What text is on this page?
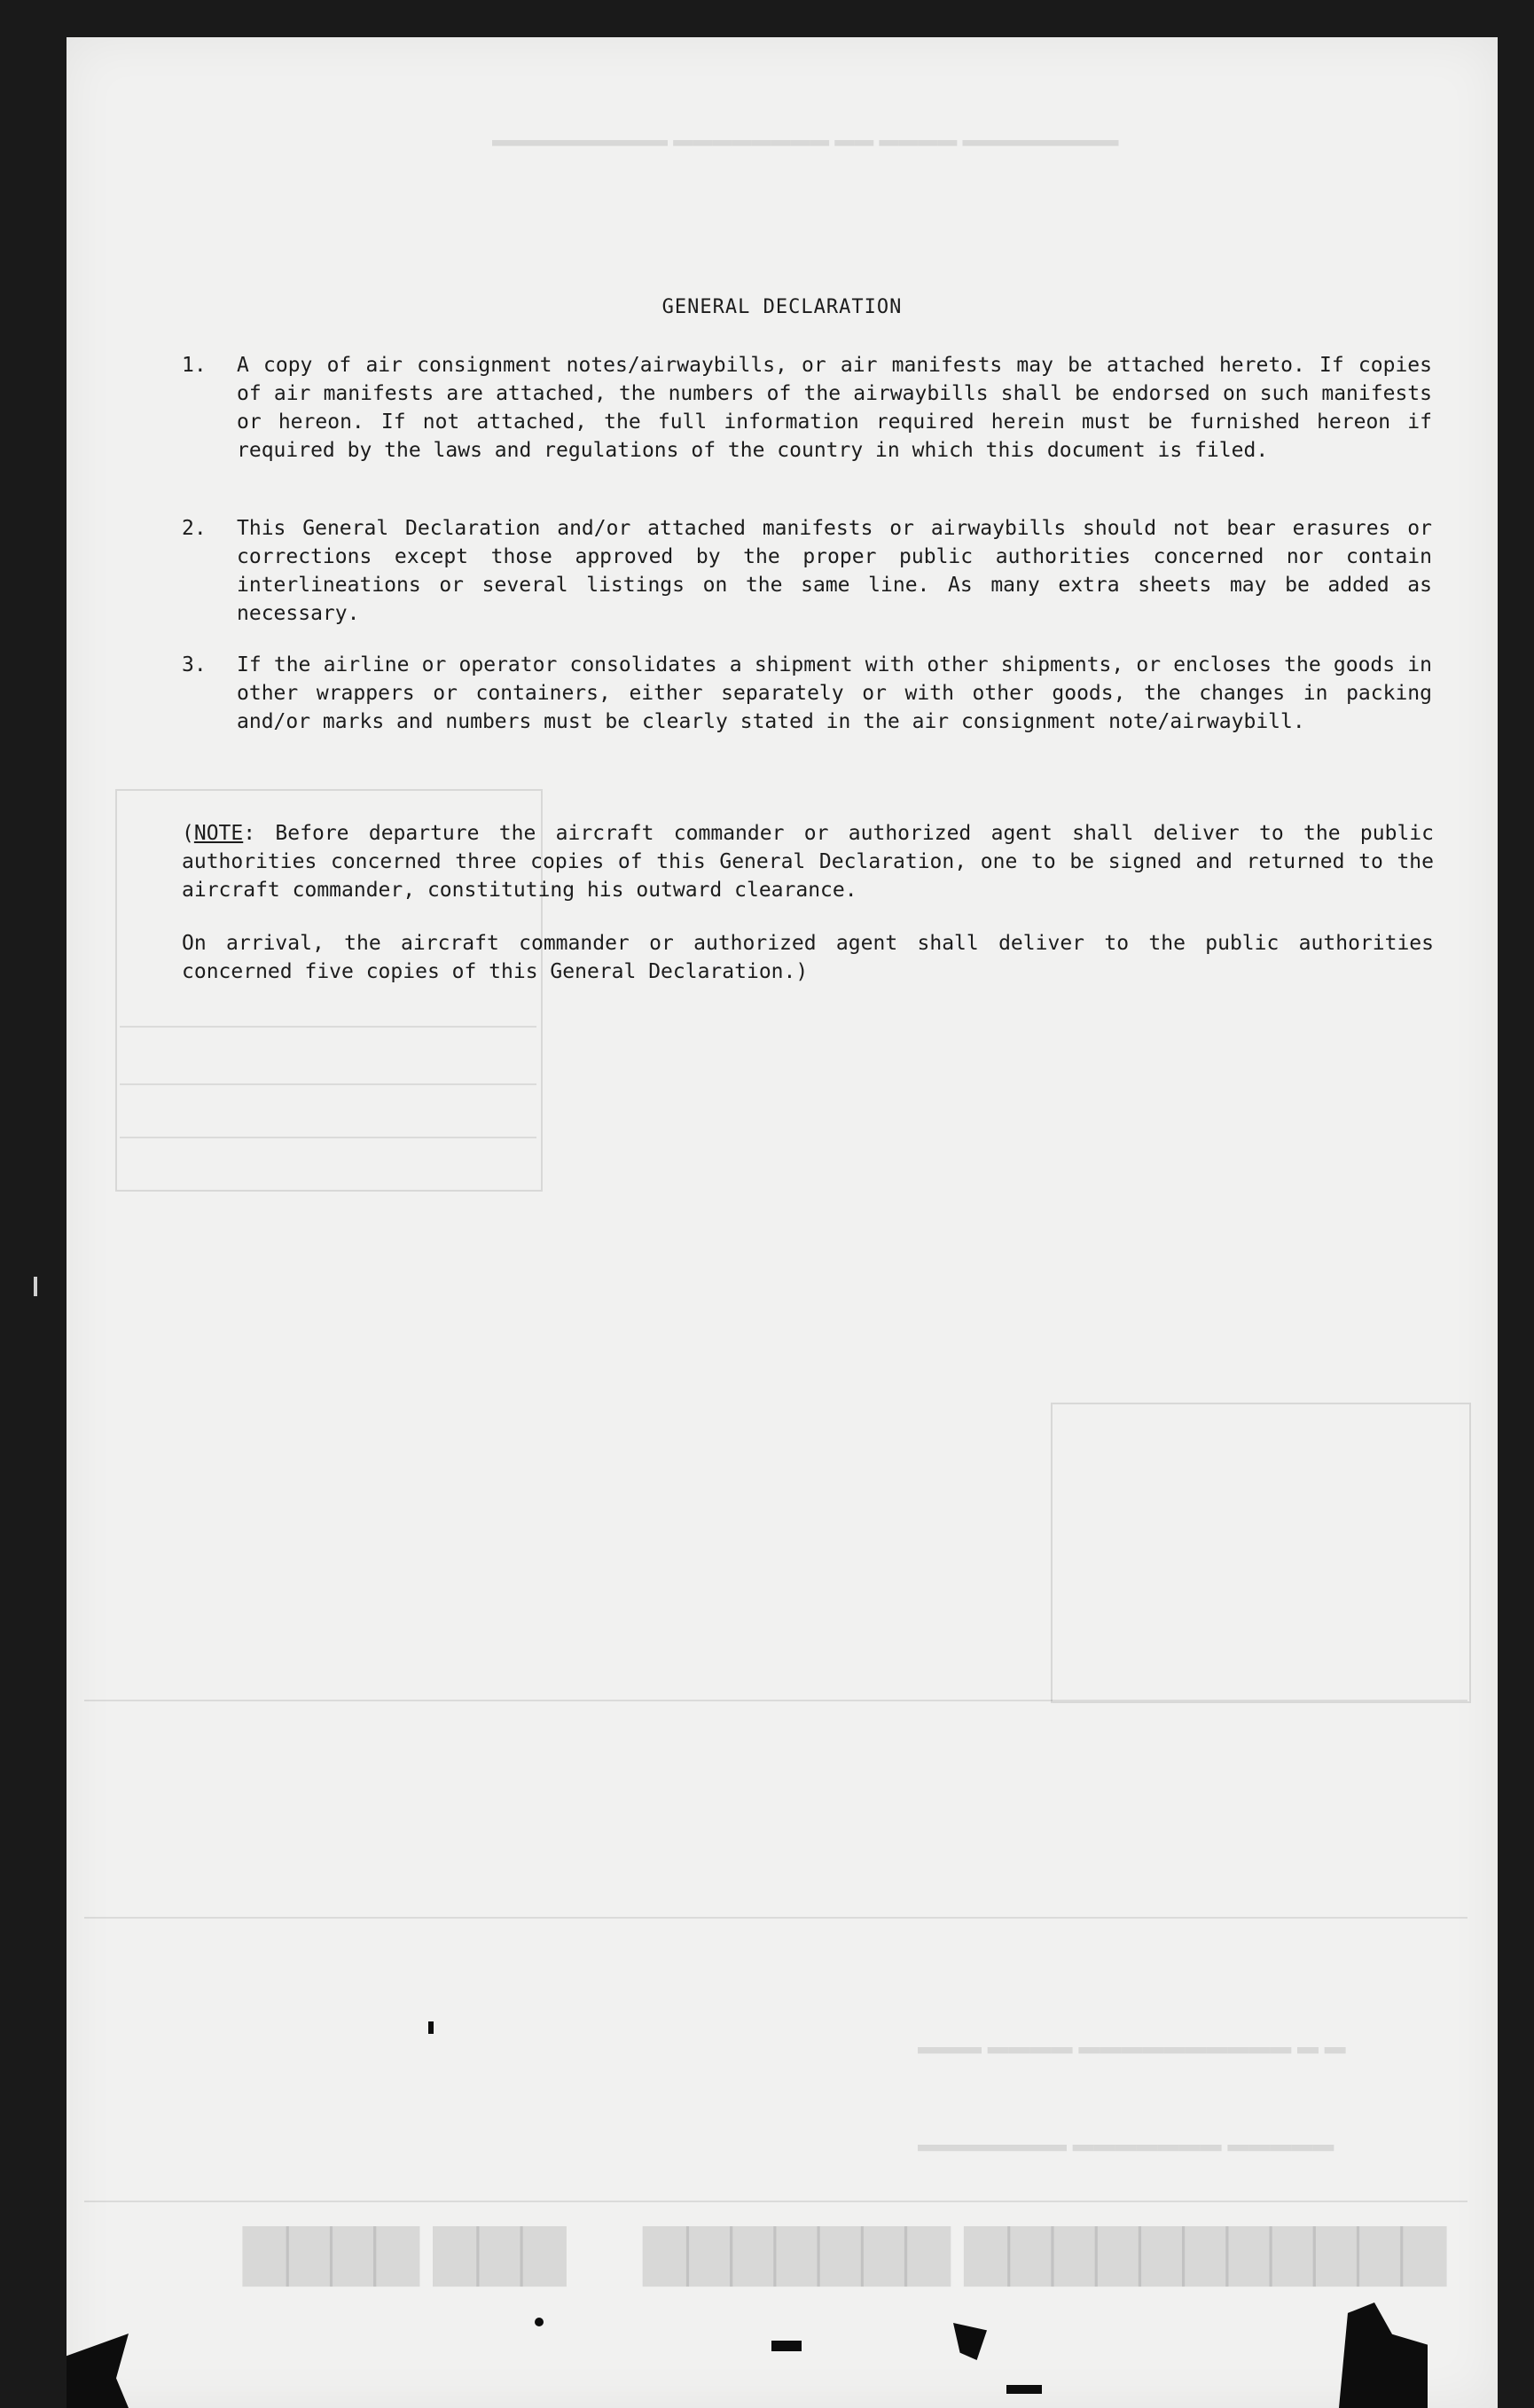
▬▬▬▬▬▬▬▬▬ ▬▬▬▬▬▬▬▬ ▬▬ ▬▬▬▬ ▬▬▬▬▬▬▬▬
▇▇▇▇ ▇▇▇     ▇▇▇▇▇▇▇ ▇▇▇▇▇▇▇▇▇▇▇
▬▬▬ ▬▬▬▬ ▬▬▬▬▬▬▬▬▬▬ ▬ ▬
▬▬▬▬▬▬▬ ▬▬▬▬▬▬▬ ▬▬▬▬▬
GENERAL DECLARATION
1.	A copy of air consignment notes/airwaybills, or air manifests may be attached hereto. If copies of air manifests are attached, the numbers of the airwaybills shall be endorsed on such manifests or hereon. If not attached, the full information required herein must be furnished hereon if required by the laws and regulations of the country in which this document is filed.
2.	This General Declaration and/or attached manifests or airwaybills should not bear erasures or corrections except those approved by the proper public authorities concerned nor contain interlineations or several listings on the same line. As many extra sheets may be added as necessary.
3.	If the airline or operator consolidates a shipment with other shipments, or encloses the goods in other wrappers or containers, either separately or with other goods, the changes in packing and/or marks and numbers must be clearly stated in the air consignment note/airwaybill.
(NOTE: Before departure the aircraft commander or authorized agent shall deliver to the public authorities concerned three copies of this General Declaration, one to be signed and returned to the aircraft commander, constituting his outward clearance.
On arrival, the aircraft commander or authorized agent shall deliver to the public authorities concerned five copies of this General Declaration.)
